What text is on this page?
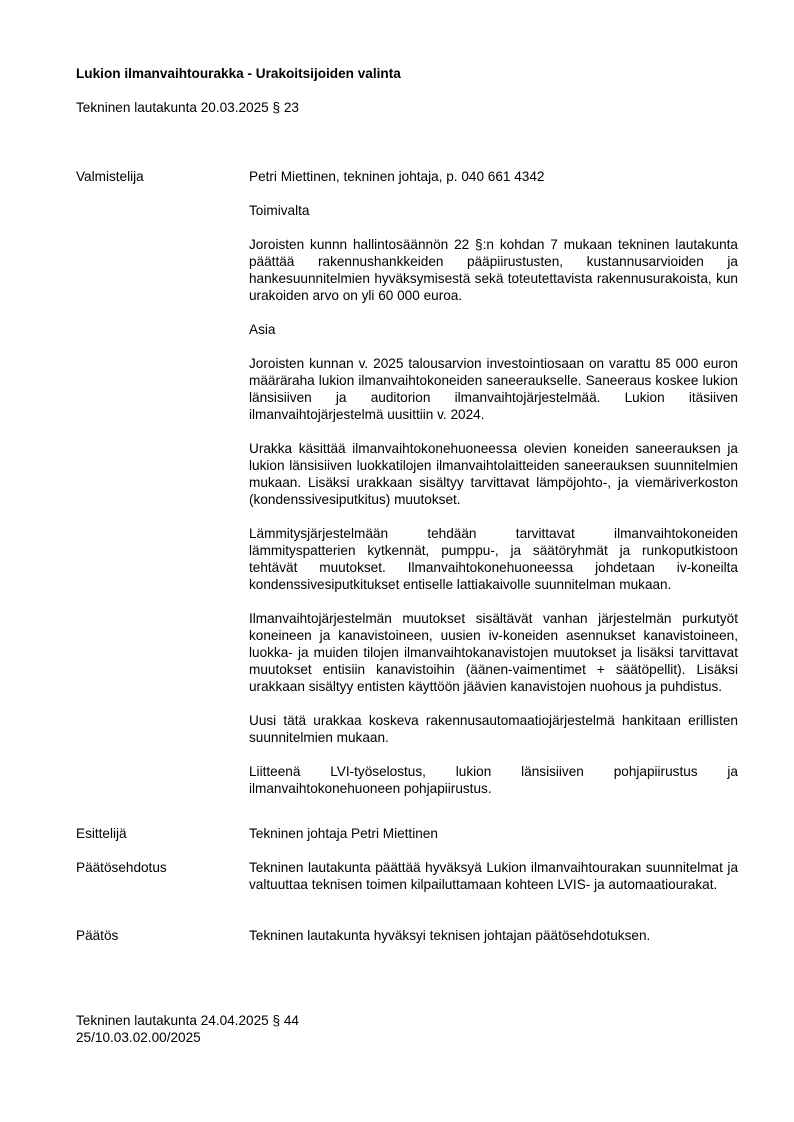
Lukion ilmanvaihtourakka - Urakoitsijoiden valinta
Tekninen lautakunta 20.03.2025 § 23
Valmistelija	Petri Miettinen, tekninen johtaja, p. 040 661 4342

Toimivalta

Joroisten kunnn hallintosäännön 22 §:n kohdan 7 mukaan tekninen lautakunta päättää rakennushankkeiden pääpiirustusten, kustannusarvioiden ja hankesuunnitelmien hyväksymisestä sekä toteutettavista rakennusurakoista, kun urakoiden arvo on yli 60 000 euroa.

Asia

Joroisten kunnan v. 2025 talousarvion investointiosaan on varattu 85 000 euron määräraha lukion ilmanvaihtokoneiden saneeraukselle. Saneeraus koskee lukion länsisiiven ja auditorion ilmanvaihtojärjestelmää. Lukion itäsiiven ilmanvaihtojärjestelmä uusittiin v. 2024.

Urakka käsittää ilmanvaihtokonehuoneessa olevien koneiden saneerauksen ja lukion länsisiiven luokkatilojen ilmanvaihtolaitteiden saneerauksen suunnitelmien mukaan. Lisäksi urakkaan sisältyy tarvittavat lämpöjohto-, ja viemäriverkoston (kondenssivesiputkitus) muutokset.

Lämmitysjärjestelmään tehdään tarvittavat ilmanvaihtokoneiden lämmityspatterien kytkennät, pumppu-, ja säätöryhmät ja runkoputkistoon tehtävät muutokset. Ilmanvaihtokonehuoneessa johdetaan iv-koneilta kondenssivesiputkitukset entiselle lattiakaivolle suunnitelman mukaan.

Ilmanvaihtojärjestelmän muutokset sisältävät vanhan järjestelmän purkutyöt koneineen ja kanavistoineen, uusien iv-koneiden asennukset kanavistoineen, luokka- ja muiden tilojen ilmanvaihtokanavistojen muutokset ja lisäksi tarvittavat muutokset entisiin kanavistoihin (äänen-vaimentimet + säätöpellit). Lisäksi urakkaan sisältyy entisten käyttöön jäävien kanavistojen nuohous ja puhdistus.

Uusi tätä urakkaa koskeva rakennusautomaatiojärjestelmä hankitaan erillisten suunnitelmien mukaan.

Liitteenä LVI-työselostus, lukion länsisiiven pohjapiirustus ja ilmanvaihtokonehuoneen pohjapiirustus.

Esittelijä	Tekninen johtaja Petri Miettinen

Päätösehdotus	Tekninen lautakunta päättää hyväksyä Lukion ilmanvaihtourakan suunnitelmat ja valtuuttaa teknisen toimen kilpailuttamaan kohteen LVIS- ja automaatiourakat.

Päätös	Tekninen lautakunta hyväksyi teknisen johtajan päätösehdotuksen.

Tekninen lautakunta 24.04.2025 § 44
25/10.03.02.00/2025
